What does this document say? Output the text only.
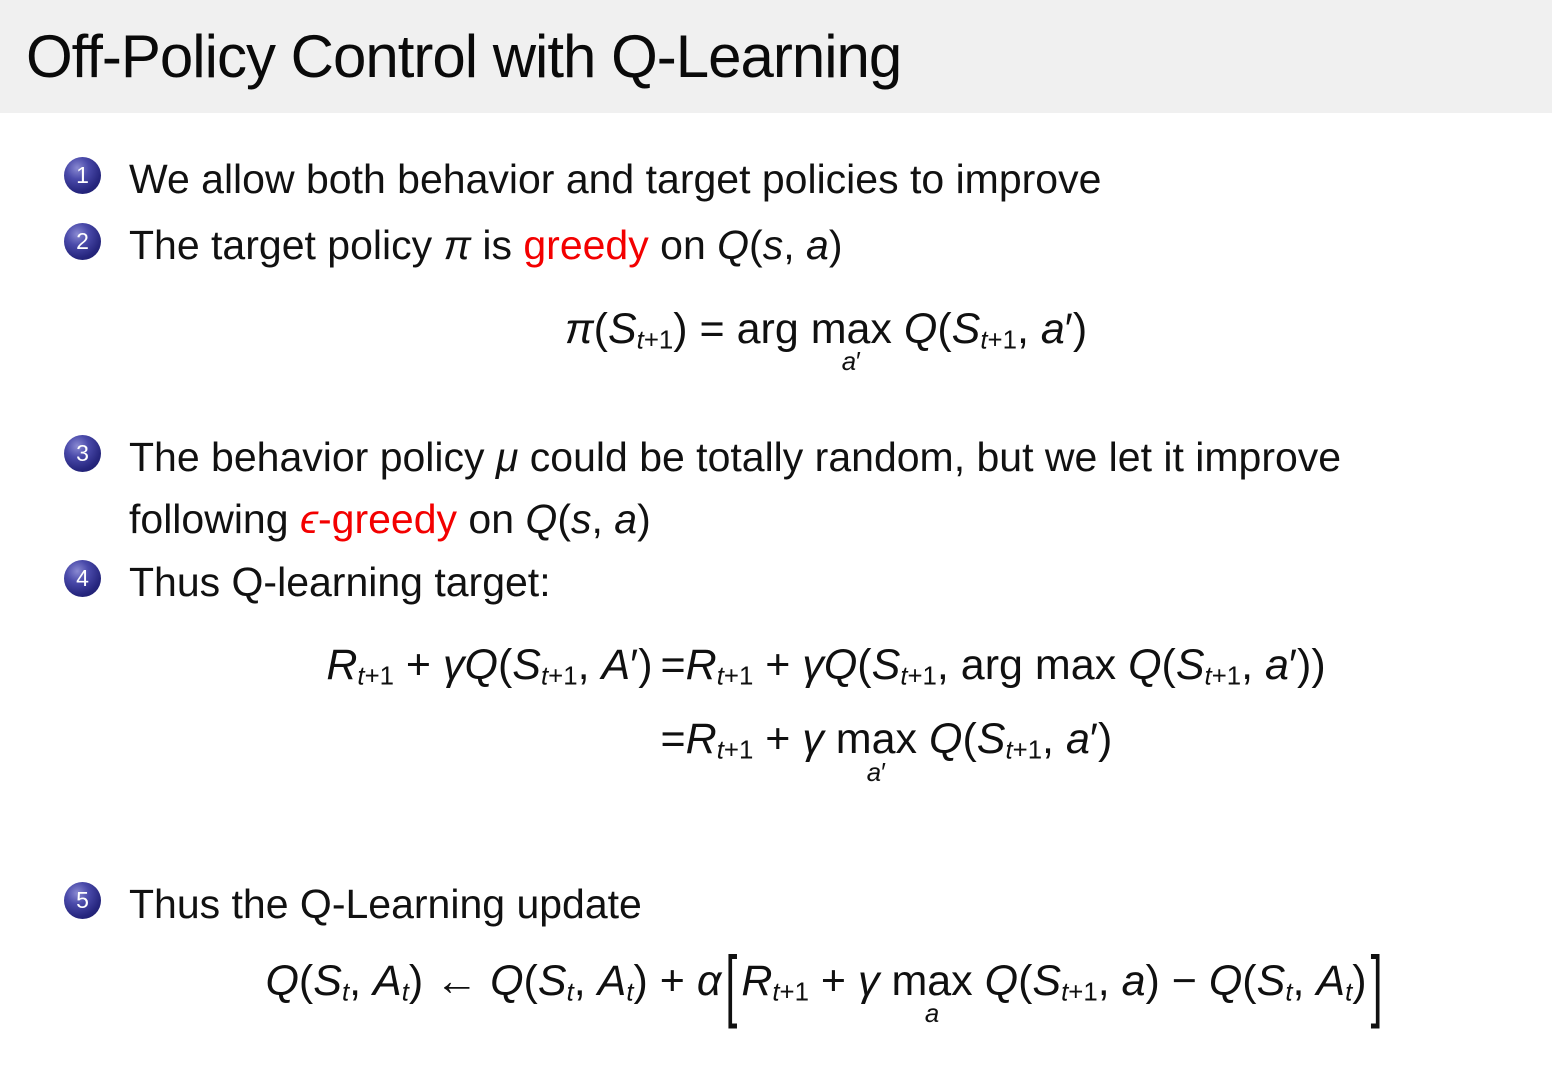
Off-Policy Control with Q-Learning
1 We allow both behavior and target policies to improve
2 The target policy π is greedy on Q(s, a)
π(St+1) = arg max
a′
Q(St+1, a′)
3 The behavior policy μ could be totally random, but we let it improve
following ϵ-greedy on Q(s, a)
4 Thus Q-learning target:
Rt+1 + γQ(St+1, A′) =Rt+1 + γQ(St+1, arg max Q(St+1, a′))
=Rt+1 + γ max
a′
Q(St+1, a′)
5 Thus the Q-Learning update
Q(St, At) ← Q(St, At) + α[Rt+1 + γ max
a
Q(St+1, a) − Q(St, At)]
